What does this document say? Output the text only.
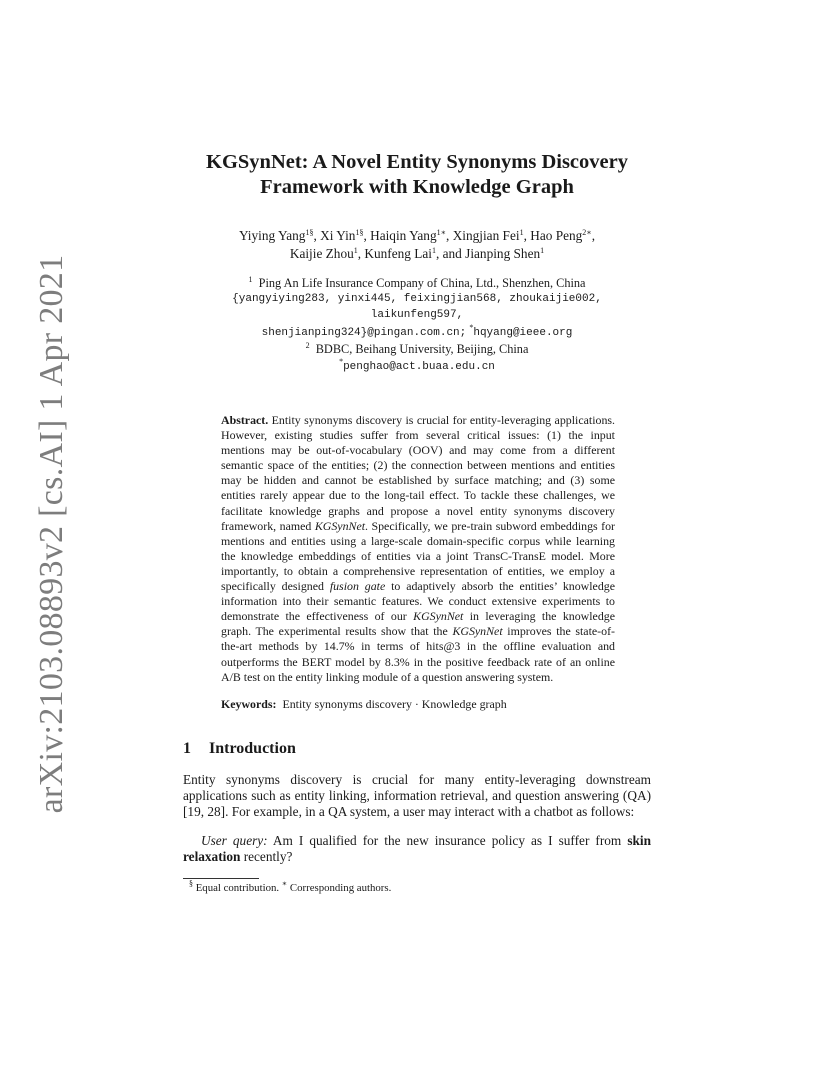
arXiv:2103.08893v2 [cs.AI] 1 Apr 2021
KGSynNet: A Novel Entity Synonyms Discovery
Framework with Knowledge Graph
Yiying Yang$^{1\S}$, Xi Yin$^{1\S}$, Haiqin Yang$^{1∗}$, Xingjian Fei$^1$, Hao Peng$^{2∗}$,
Kaijie Zhou$^1$, Kunfeng Lai$^1$, and Jianping Shen$^1$
$^1$ Ping An Life Insurance Company of China, Ltd., Shenzhen, China
{yangyiying283, yinxi445, feixingjian568, zhoukaijie002, laikunfeng597,
shenjianping324}@pingan.com.cn; *hqyang@ieee.org
$^2$ BDBC, Beihang University, Beijing, China
*penghao@act.buaa.edu.cn
Abstract. Entity synonyms discovery is crucial for entity-leveraging applications. However, existing studies suffer from several critical issues: (1) the input mentions may be out-of-vocabulary (OOV) and may come from a different semantic space of the entities; (2) the connection between mentions and entities may be hidden and cannot be established by surface matching; and (3) some entities rarely appear due to the long-tail effect. To tackle these challenges, we facilitate knowledge graphs and propose a novel entity synonyms discovery framework, named KGSynNet. Specifically, we pre-train subword embeddings for mentions and entities using a large-scale domain-specific corpus while learning the knowledge embeddings of entities via a joint TransC-TransE model. More importantly, to obtain a comprehensive representation of entities, we employ a specifically designed fusion gate to adaptively absorb the entities’ knowledge information into their semantic features. We conduct extensive experiments to demonstrate the effectiveness of our KGSynNet in leveraging the knowledge graph. The experimental results show that the KGSynNet improves the state-of-the-art methods by 14.7% in terms of hits@3 in the offline evaluation and outperforms the BERT model by 8.3% in the positive feedback rate of an online A/B test on the entity linking module of a question answering system.
Keywords: Entity synonyms discovery · Knowledge graph
1 Introduction

Entity synonyms discovery is crucial for many entity-leveraging downstream applications such as entity linking, information retrieval, and question answering (QA) [19, 28]. For example, in a QA system, a user may interact with a chatbot as follows:

User query: Am I qualified for the new insurance policy as I suffer from skin relaxation recently?

§ Equal contribution. ∗ Corresponding authors.
